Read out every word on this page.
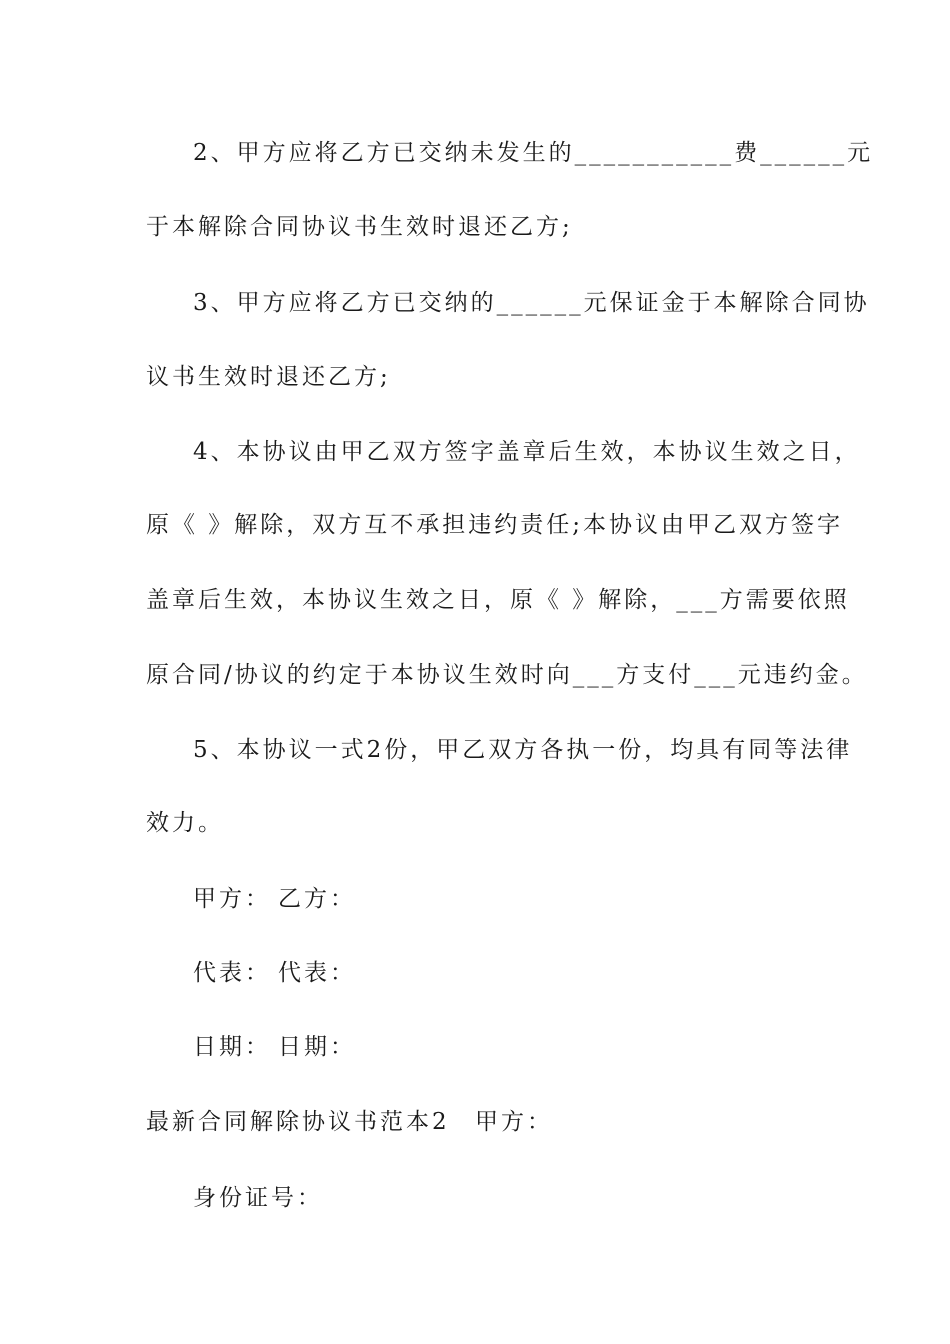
2、甲方应将乙方已交纳未发生的___________费______元
于本解除合同协议书生效时退还乙方;
3、甲方应将乙方已交纳的______元保证金于本解除合同协
议书生效时退还乙方;
4、本协议由甲乙双方签字盖章后生效，本协议生效之日，
原《 》解除，双方互不承担违约责任;本协议由甲乙双方签字
盖章后生效，本协议生效之日，原《 》解除，___方需要依照
原合同/协议的约定于本协议生效时向___方支付___元违约金。
5、本协议一式2份，甲乙双方各执一份，均具有同等法律
效力。
甲方： 乙方：
代表： 代表：
日期： 日期：
最新合同解除协议书范本2 甲方：
身份证号：
